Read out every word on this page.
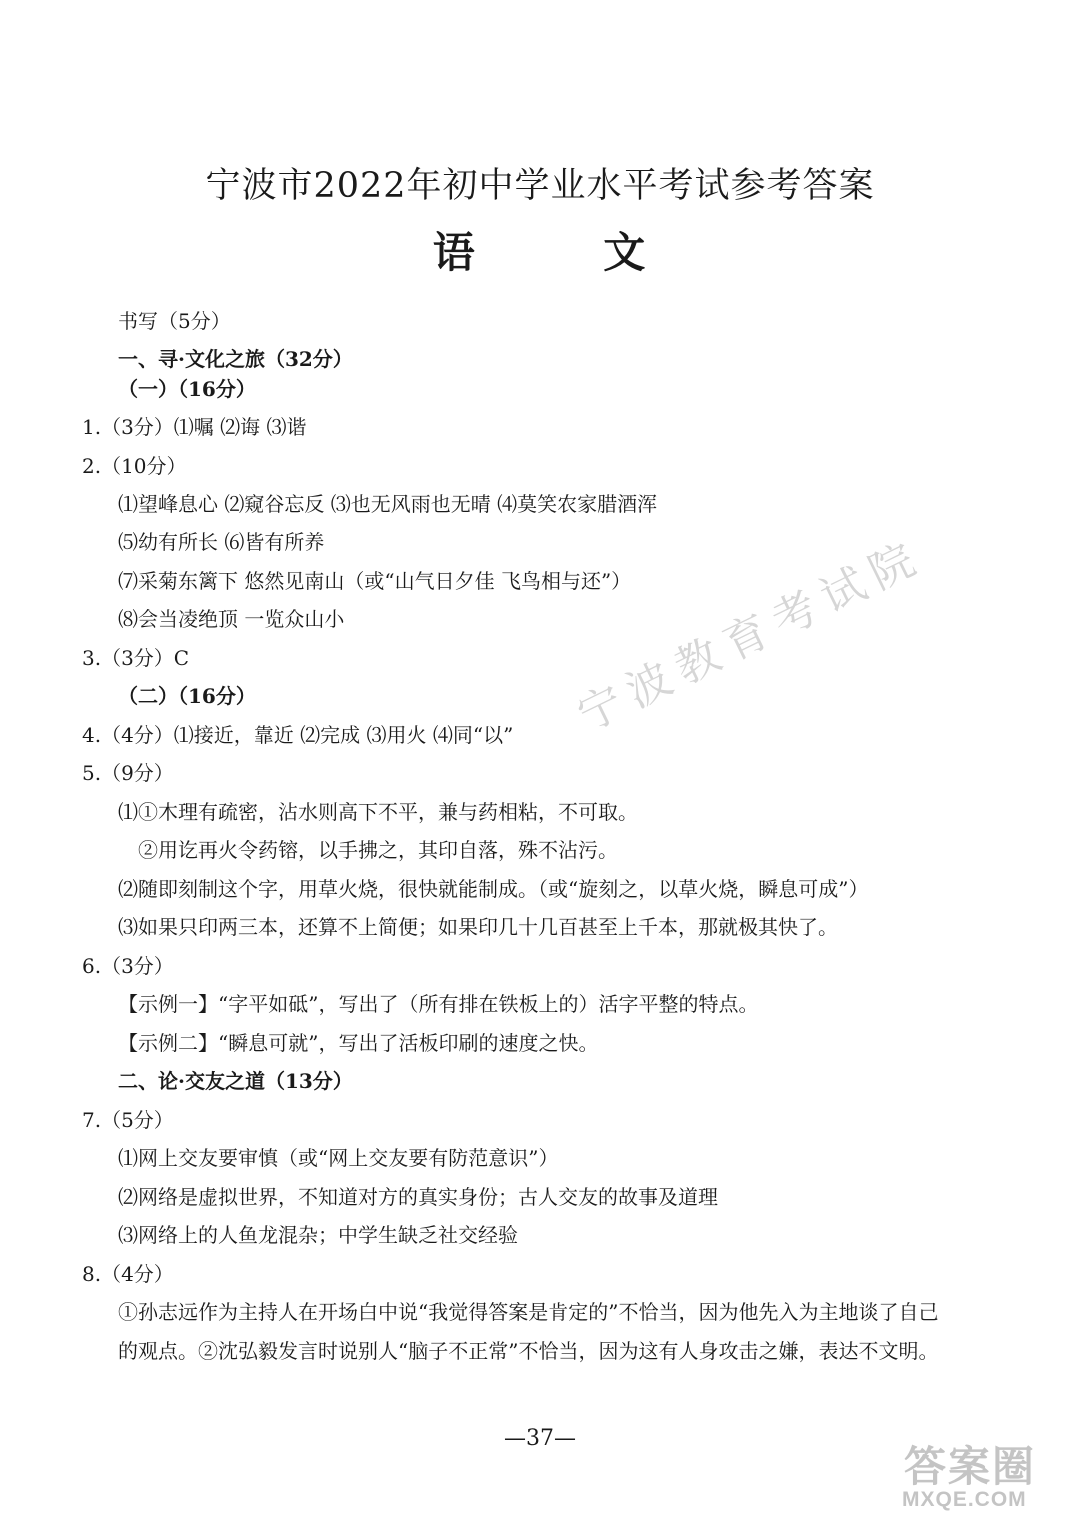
宁波教育考试院
宁波市2022年初中学业水平考试参考答案
语 文
书写（5分）
一、寻·文化之旅（32分）
（一）（16分）
1.（3分）⑴嘱 ⑵诲 ⑶谐
2.（10分）
⑴望峰息心 ⑵窥谷忘反 ⑶也无风雨也无晴 ⑷莫笑农家腊酒浑
⑸幼有所长 ⑹皆有所养
⑺采菊东篱下 悠然见南山（或“山气日夕佳 飞鸟相与还”）
⑻会当凌绝顶 一览众山小
3.（3分）C
（二）（16分）
4.（4分）⑴接近，靠近 ⑵完成 ⑶用火 ⑷同“以”
5.（9分）
⑴①木理有疏密，沾水则高下不平，兼与药相粘，不可取。
②用讫再火令药镕，以手拂之，其印自落，殊不沾污。
⑵随即刻制这个字，用草火烧，很快就能制成。（或“旋刻之，以草火烧，瞬息可成”）
⑶如果只印两三本，还算不上简便；如果印几十几百甚至上千本，那就极其快了。
6.（3分）
【示例一】“字平如砥”，写出了（所有排在铁板上的）活字平整的特点。
【示例二】“瞬息可就”，写出了活板印刷的速度之快。
二、论·交友之道（13分）
7.（5分）
⑴网上交友要审慎（或“网上交友要有防范意识”）
⑵网络是虚拟世界，不知道对方的真实身份；古人交友的故事及道理
⑶网络上的人鱼龙混杂；中学生缺乏社交经验
8.（4分）
①孙志远作为主持人在开场白中说“我觉得答案是肯定的”不恰当，因为他先入为主地谈了自己
的观点。②沈弘毅发言时说别人“脑子不正常”不恰当，因为这有人身攻击之嫌，表达不文明。
—37—
答案圈
MXQE.COM
